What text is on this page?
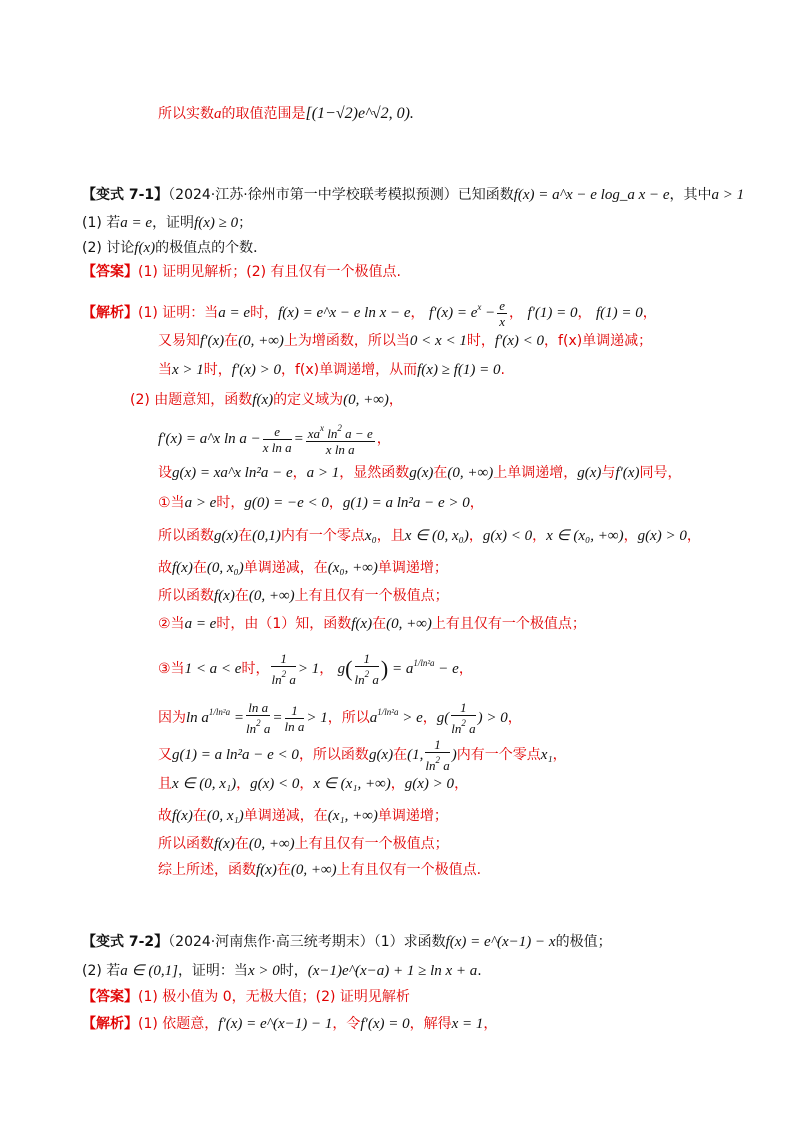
所以实数a的取值范围是[(1−√2)e^√2, 0).
【变式 7-1】（2024·江苏·徐州市第一中学校联考模拟预测）已知函数f(x) = a^x − e log_a x − e，其中a > 1
(1) 若a = e，证明f(x) ≥ 0；
(2) 讨论f(x)的极值点的个数．
【答案】(1) 证明见解析；(2) 有且仅有一个极值点.
【解析】(1) 证明：当a = e时，f(x) = e^x − e ln x − e， $f'(x) = e^x - \frac{e}{x}$ ， f′(1) = 0， f(1) = 0，
又易知f′(x)在(0, +∞)上为增函数，所以当0 < x < 1时，f′(x) < 0，f(x)单调递减；
当x > 1时，f′(x) > 0，f(x)单调递增，从而f(x) ≥ f(1) = 0.
(2) 由题意知，函数f(x)的定义域为(0, +∞)，
f′(x) = a^x $\ln a - \frac{e}{\text{x ln a}} = \frac{xa^x \ln^2 a - e}{\text{x ln a}}$ ，
设g(x) = xa^x ln²a − e，a > 1，显然函数g(x)在(0, +∞)上单调递增，g(x)与f′(x)同号，
①当a > e时，g(0) = −e < 0，g(1) = a ln²a − e > 0，
所以函数g(x)在(0,1)内有一个零点x₀，且x ∈ (0, x₀)，g(x) < 0，x ∈ (x₀, +∞)，g(x) > 0，
故f(x)在(0, x₀)单调递减，在(x₀, +∞)单调递增；
所以函数f(x)在(0, +∞)上有且仅有一个极值点；
②当a = e时，由（1）知，函数f(x)在(0, +∞)上有且仅有一个极值点；
③当1 < a < e时， $\frac{1}{\ln^2 a} > 1$， $g( \frac{1}{\ln^2 a}$ ) = $a^{1/ln^2a} - e$，
因为$\ln a^{1/ln^2a} = \frac{\text{ln a}}{\ln^2 a} = \frac{1}{\text{ln a}} > 1$，所以$a^{1/ln^2a} > e$，$g( \frac{1}{\ln^2 a}$ ) > 0，
又g(1) = a ln²a − e < 0，所以函数g(x)在(1, $\frac{1}{\ln^2 a}$ )内有一个零点x₁，
且x ∈ (0, x₁)，g(x) < 0，x ∈ (x₁, +∞)，g(x) > 0，
故f(x)在(0, x₁)单调递减，在(x₁, +∞)单调递增；
所以函数f(x)在(0, +∞)上有且仅有一个极值点；
综上所述，函数f(x)在(0, +∞)上有且仅有一个极值点.
【变式 7-2】（2024·河南焦作·高三统考期末）（1）求函数f(x) = e^(x−1) − x的极值；
(2) 若a ∈ (0,1]，证明：当x > 0时，(x−1)e^(x−a) + 1 ≥ ln x + a.
【答案】(1) 极小值为 0，无极大值；(2) 证明见解析
【解析】(1) 依题意，f′(x) = e^(x−1) − 1，令f′(x) = 0，解得x = 1，
